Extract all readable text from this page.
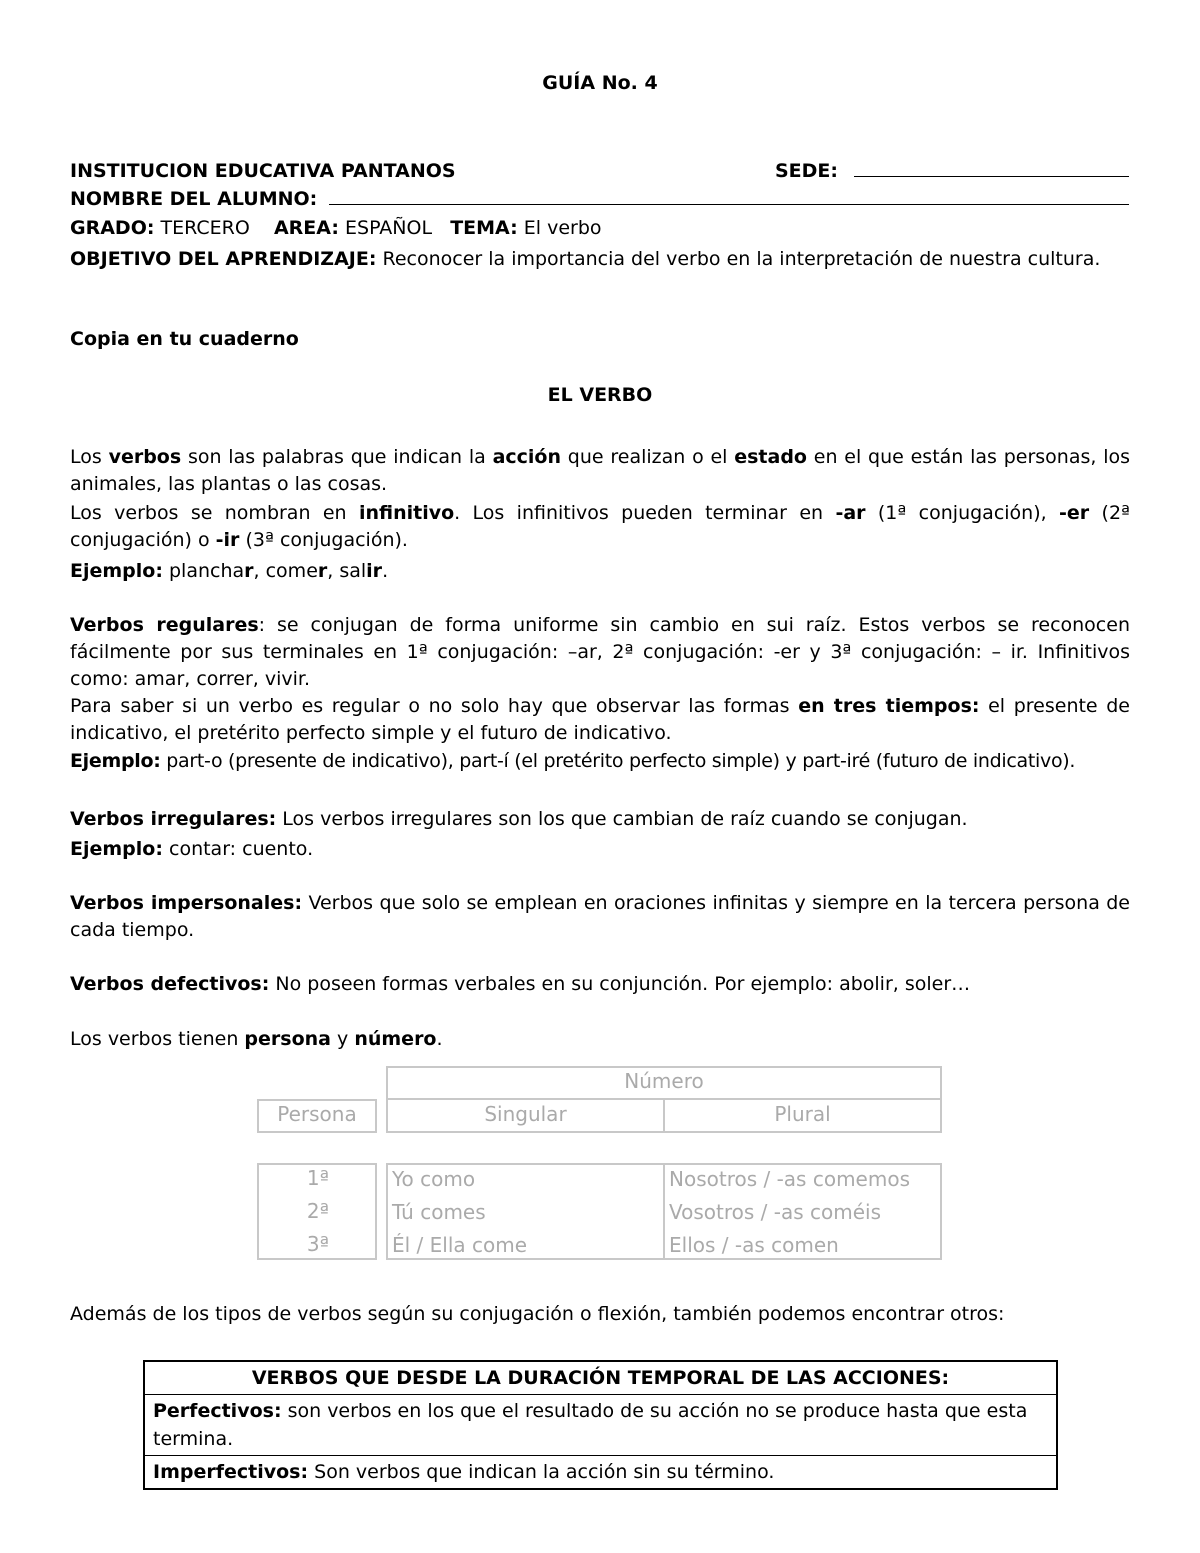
GUÍA No. 4
INSTITUCION EDUCATIVA PANTANOS	SEDE:
NOMBRE DEL ALUMNO:
GRADO: TERCERO AREA: ESPAÑOL TEMA: El verbo
OBJETIVO DEL APRENDIZAJE: Reconocer la importancia del verbo en la interpretación de nuestra cultura.
Copia en tu cuaderno
EL VERBO
Los verbos son las palabras que indican la acción que realizan o el estado en el que están las personas, los animales, las plantas o las cosas.
Los verbos se nombran en infinitivo. Los infinitivos pueden terminar en -ar (1ª conjugación), -er (2ª conjugación) o -ir (3ª conjugación).
Ejemplo: planchar, comer, salir.
Verbos regulares: se conjugan de forma uniforme sin cambio en sui raíz. Estos verbos se reconocen fácilmente por sus terminales en 1ª conjugación: –ar, 2ª conjugación: -er y 3ª conjugación: – ir. Infinitivos como: amar, correr, vivir.
Para saber si un verbo es regular o no solo hay que observar las formas en tres tiempos: el presente de indicativo, el pretérito perfecto simple y el futuro de indicativo.
Ejemplo: part-o (presente de indicativo), part-í (el pretérito perfecto simple) y part-iré (futuro de indicativo).
Verbos irregulares: Los verbos irregulares son los que cambian de raíz cuando se conjugan.
Ejemplo: contar: cuento.
Verbos impersonales: Verbos que solo se emplean en oraciones infinitas y siempre en la tercera persona de cada tiempo.
Verbos defectivos: No poseen formas verbales en su conjunción. Por ejemplo: abolir, soler…
Los verbos tienen persona y número.
Número
Singular	Plural
Persona
1ª
2ª
3ª
Yo como
Tú comes
Él / Ella come
Nosotros / -as comemos
Vosotros / -as coméis
Ellos / -as comen
Además de los tipos de verbos según su conjugación o flexión, también podemos encontrar otros:
VERBOS QUE DESDE LA DURACIÓN TEMPORAL DE LAS ACCIONES:
Perfectivos: son verbos en los que el resultado de su acción no se produce hasta que esta termina.
Imperfectivos: Son verbos que indican la acción sin su término.
